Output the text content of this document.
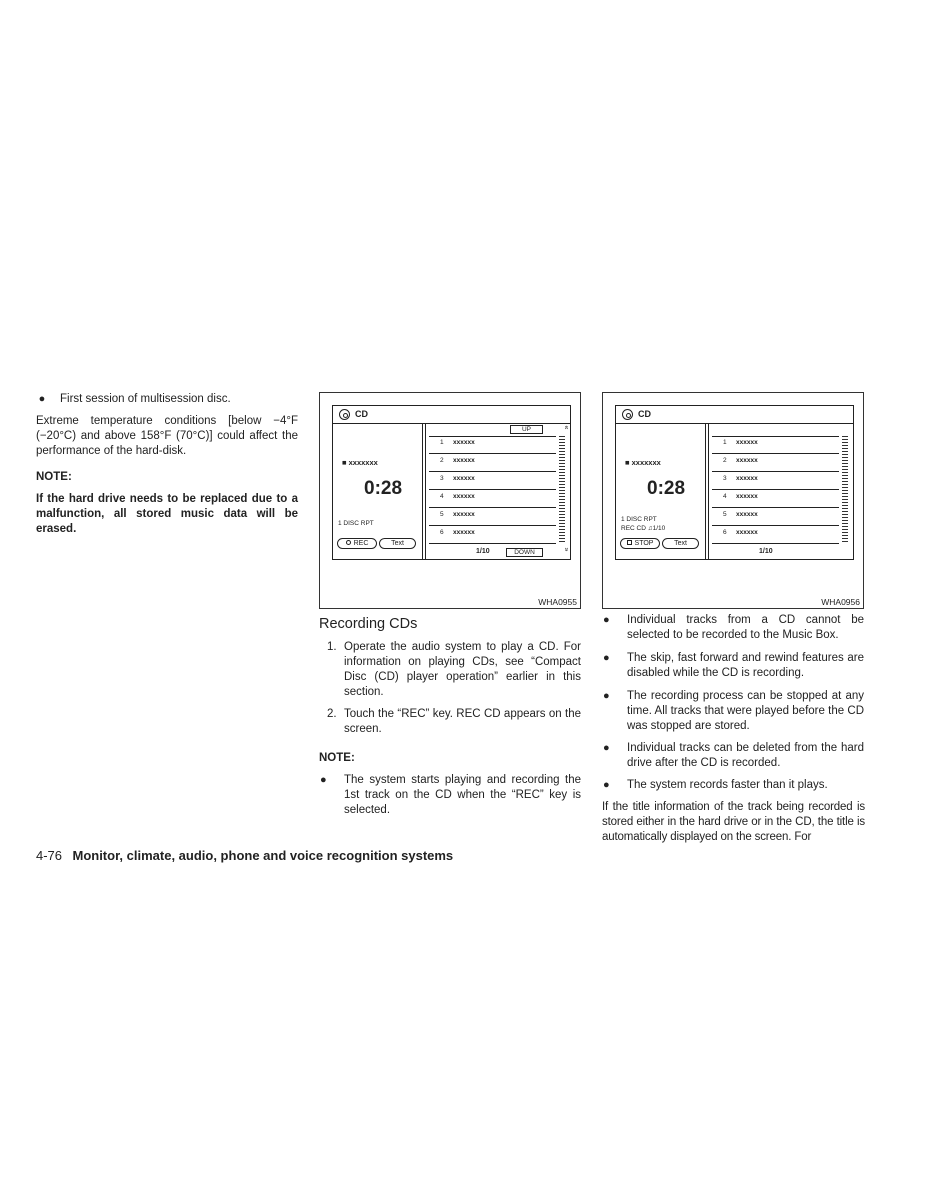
● First session of multisession disc.

Extreme temperature conditions [below −4°F (−20°C) and above 158°F (70°C)] could affect the performance of the hard-disk.

NOTE:

If the hard drive needs to be replaced due to a malfunction, all stored music data will be erased.

CD
■ xxxxxxx
0:28
1 DISC RPT
REC	Text
UP	«
1 xxxxxx
2 xxxxxx
3 xxxxxx
4 xxxxxx
5 xxxxxx
6 xxxxxx
1/10	DOWN	»
WHA0955
CD
■ xxxxxxx
0:28
1 DISC RPT
REC CD ♫1/10
STOP	Text
1 xxxxxx
2 xxxxxx
3 xxxxxx
4 xxxxxx
5 xxxxxx
6 xxxxxx
1/10
WHA0956
Recording CDs
1. Operate the audio system to play a CD. For information on playing CDs, see “Compact Disc (CD) player operation” earlier in this section.
2. Touch the “REC” key. REC CD appears on the screen.

NOTE:

●	The system starts playing and recording the 1st track on the CD when the “REC” key is selected.
●	Individual tracks from a CD cannot be selected to be recorded to the Music Box.
●	The skip, fast forward and rewind features are disabled while the CD is recording.
●	The recording process can be stopped at any time. All tracks that were played before the CD was stopped are stored.
●	Individual tracks can be deleted from the hard drive after the CD is recorded.
●	The system records faster than it plays.

If the title information of the track being recorded is stored either in the hard drive or in the CD, the title is automatically displayed on the screen. For

4-76 Monitor, climate, audio, phone and voice recognition systems
